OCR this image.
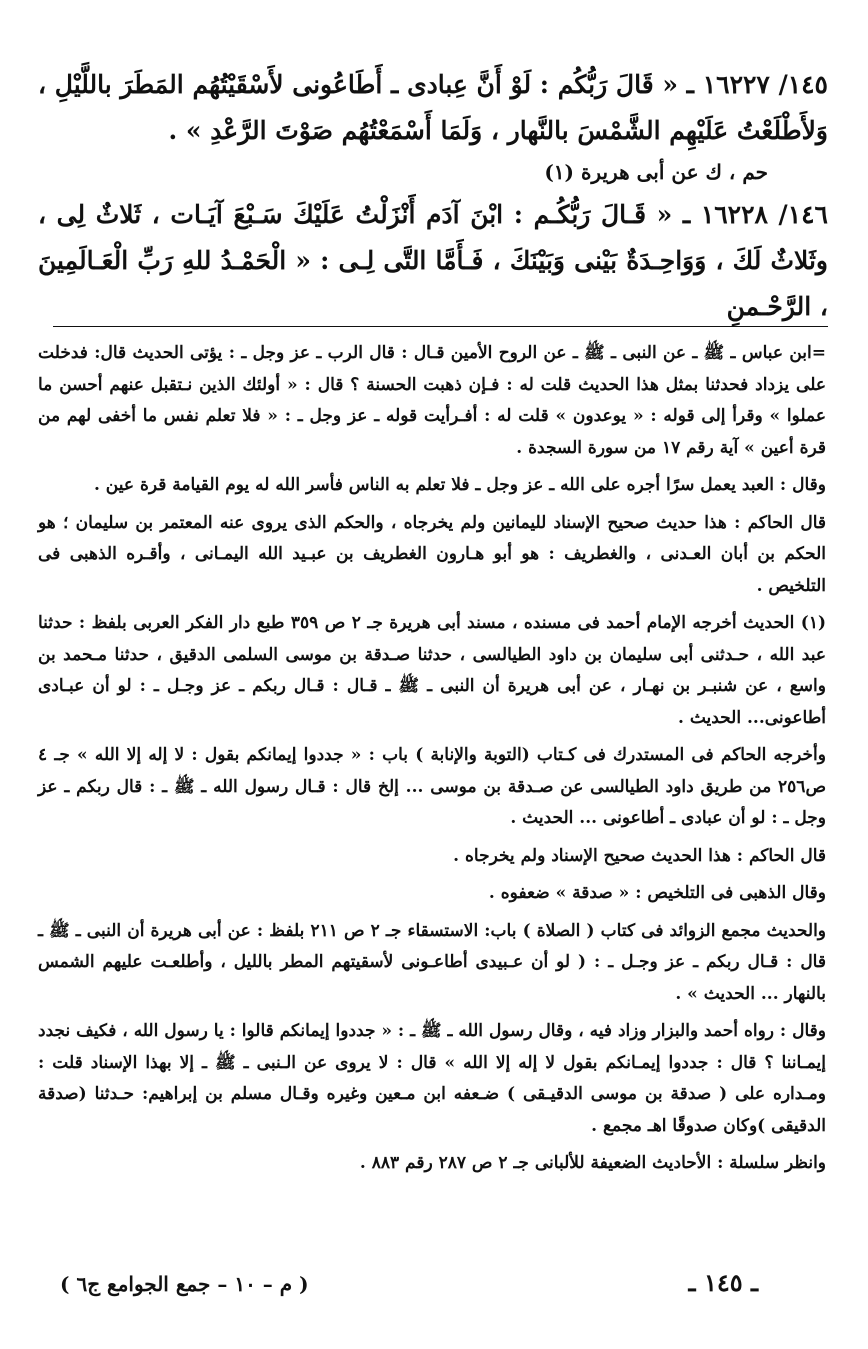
١٤٥/ ١٦٢٢٧ ـ « قَالَ رَبُّكُم : لَوْ أَنَّ عِبادى ـ أَطَاعُونى لأَسْقَيْتُهُم المَطَرَ باللَّيْلِ ، وَلأَطْلَعْتُ عَلَيْهِم الشَّمْسَ بالنَّهار ، وَلَمَا أَسْمَعْتُهُم صَوْتَ الرَّعْدِ » .

حم ، ك عن أبى هريرة (١)

١٤٦/ ١٦٢٢٨ ـ « قَـالَ رَبُّكُـم : ابْنَ آدَم أَنْزَلْتُ عَلَيْكَ سَـبْعَ آيَـات ، ثَلاثٌ لِى ، وثَلاثٌ لَكَ ، وَوَاحِـدَةٌ بَيْنى وَبَيْنَكَ ، فَـأَمَّا التَّى لِـى : « الْحَمْـدُ للهِ رَبِّ الْعَـالَمِينَ ، الرَّحْـمنِ

=ابن عباس ـ ﷺ ـ عن النبى ـ ﷺ ـ عن الروح الأمين قـال : قال الرب ـ عز وجل ـ : يؤتى الحديث قال: فدخلت على يزداد فحدثنا بمثل هذا الحديث قلت له : فـإن ذهبت الحسنة ؟ قال : « أولئك الذين نـتقبل عنهم أحسن ما عملوا » وقرأ إلى قوله : « يوعدون » قلت له : أفـرأيت قوله ـ عز وجل ـ : « فلا تعلم نفس ما أخفى لهم من قرة أعين » آية رقم ١٧ من سورة السجدة .

وقال : العبد يعمل سرًا أجره على الله ـ عز وجل ـ فلا تعلم به الناس فأسر الله له يوم القيامة قرة عين .

قال الحاكم : هذا حديث صحيح الإسناد لليمانين ولم يخرجاه ، والحكم الذى يروى عنه المعتمر بن سليمان ؛ هو الحكم بن أبان العـدنى ، والغطريف : هو أبو هـارون الغطريف بن عبـيد الله اليمـانى ، وأقـره الذهبى فى التلخيص .

(١) الحديث أخرجه الإمام أحمد فى مسنده ، مسند أبى هريرة جـ ٢ ص ٣٥٩ طبع دار الفكر العربى بلفظ : حدثنا عبد الله ، حـدثنى أبى سليمان بن داود الطيالسى ، حدثنا صـدقة بن موسى السلمى الدقيق ، حدثنا مـحمد بن واسع ، عن شنبـر بن نهـار ، عن أبى هريرة أن النبى ـ ﷺ ـ قـال : قـال ربكم ـ عز وجـل ـ : لو أن عبـادى أطاعونى... الحديث .

وأخرجه الحاكم فى المستدرك فى كـتاب (التوبة والإنابة ) باب : « جددوا إيمانكم بقول : لا إله إلا الله » جـ ٤ ص٢٥٦ من طريق داود الطيالسى عن صـدقة بن موسى ... إلخ قال : قـال رسول الله ـ ﷺ ـ : قال ربكم ـ عز وجل ـ : لو أن عبادى ـ أطاعونى ... الحديث .

قال الحاكم : هذا الحديث صحيح الإسناد ولم يخرجاه .

وقال الذهبى فى التلخيص : « صدقة » ضعفوه .

والحديث مجمع الزوائد فى كتاب ( الصلاة ) باب: الاستسقاء جـ ٢ ص ٢١١ بلفظ : عن أبى هريرة أن النبى ـ ﷺ ـ قال : قـال ربكم ـ عز وجـل ـ : ( لو أن عـبيدى أطاعـونى لأسقيتهم المطر بالليل ، وأطلعـت عليهم الشمس بالنهار ... الحديث » .

وقال : رواه أحمد والبزار وزاد فيه ، وقال رسول الله ـ ﷺ ـ : « جددوا إيمانكم قالوا : يا رسول الله ، فكيف نجدد إيمـاننا ؟ قال : جددوا إيمـانكم بقول لا إله إلا الله » قال : لا يروى عن الـنبى ـ ﷺ ـ إلا بهذا الإسناد قلت : ومـداره على ( صدقة بن موسى الدقيـقى ) ضـعفه ابن مـعين وغيره وقـال مسلم بن إبراهيم: حـدثنا (صدقة الدقيقى )وكان صدوقًا اهـ مجمع .

وانظر سلسلة : الأحاديث الضعيفة للألبانى جـ ٢ ص ٢٨٧ رقم ٨٨٣ .

ـ ١٤٥ ـ
( م – ١٠ – جمع الجوامع ج٦ )
